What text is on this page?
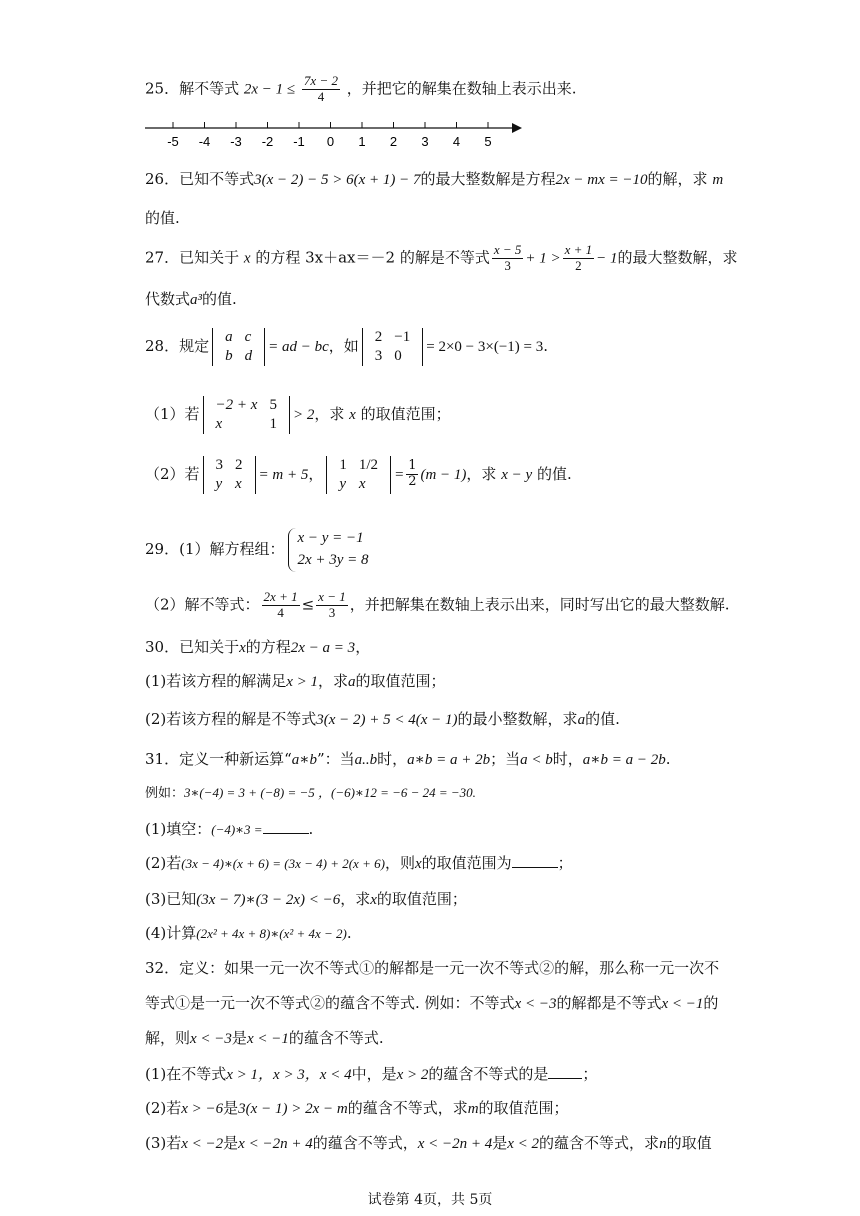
25．解不等式 $2x - 1 \le \frac{7x - 2}{4}$ ，并把它的解集在数轴上表示出来.
-5 -4 -3 -2 -1 0 1 2 3 4 5
26．已知不等式3(x − 2) − 5 > 6(x + 1) − 7的最大整数解是方程2x − mx = −10的解，求 m
的值.
27．已知关于 x 的方程 3x＋ax＝－2 的解是不等式 $\frac{x - 5}{3} + 1 > \frac{x + 1}{2} - 1$的最大整数解，求
代数式a³的值.
28．规定 a	c
b	d
= ad − bc，如 2	−1
3	0
= 2×0 − 3×(−1) = 3.
（1）若 −2 + x	5
x	1
> 2，求 x 的取值范围；
（2）若 3	2
y	x
= m + 5， 1	1/2
y	x
= $\frac{1}{2} (m - 1)$，求 x − y 的值.
29．(1）解方程组：
x − y = −1
2x + 3y = 8
（2）解不等式： $\frac{2x + 1}{4} \le \frac{x - 1}{3}$ ，并把解集在数轴上表示出来，同时写出它的最大整数解.
30．已知关于x的方程2x − a = 3，
(1)若该方程的解满足x > 1，求a的取值范围；
(2)若该方程的解是不等式3(x − 2) + 5 < 4(x − 1)的最小整数解，求a的值.
31．定义一种新运算“a∗b”：当a..b时，a∗b = a + 2b；当a < b时，a∗b = a − 2b.
例如：3∗(−4) = 3 + (−8) = −5 ，(−6)∗12 = −6 − 24 = −30.
(1)填空：(−4)∗3 =	.
(2)若(3x − 4)∗(x + 6) = (3x − 4) + 2(x + 6)，则x的取值范围为	；
(3)已知(3x − 7)∗(3 − 2x) < −6，求x的取值范围；
(4)计算(2x² + 4x + 8)∗(x² + 4x − 2).
32．定义：如果一元一次不等式①的解都是一元一次不等式②的解，那么称一元一次不
等式①是一元一次不等式②的蕴含不等式. 例如：不等式x < −3的解都是不等式x < −1的
解，则x < −3是x < −1的蕴含不等式.
(1)在不等式x > 1，x > 3，x < 4中，是x > 2的蕴含不等式的是 ；
(2)若x > −6是3(x − 1) > 2x − m的蕴含不等式，求m的取值范围；
(3)若x < −2是x < −2n + 4的蕴含不等式，x < −2n + 4是x < 2的蕴含不等式，求n的取值
试卷第 4页，共 5页
